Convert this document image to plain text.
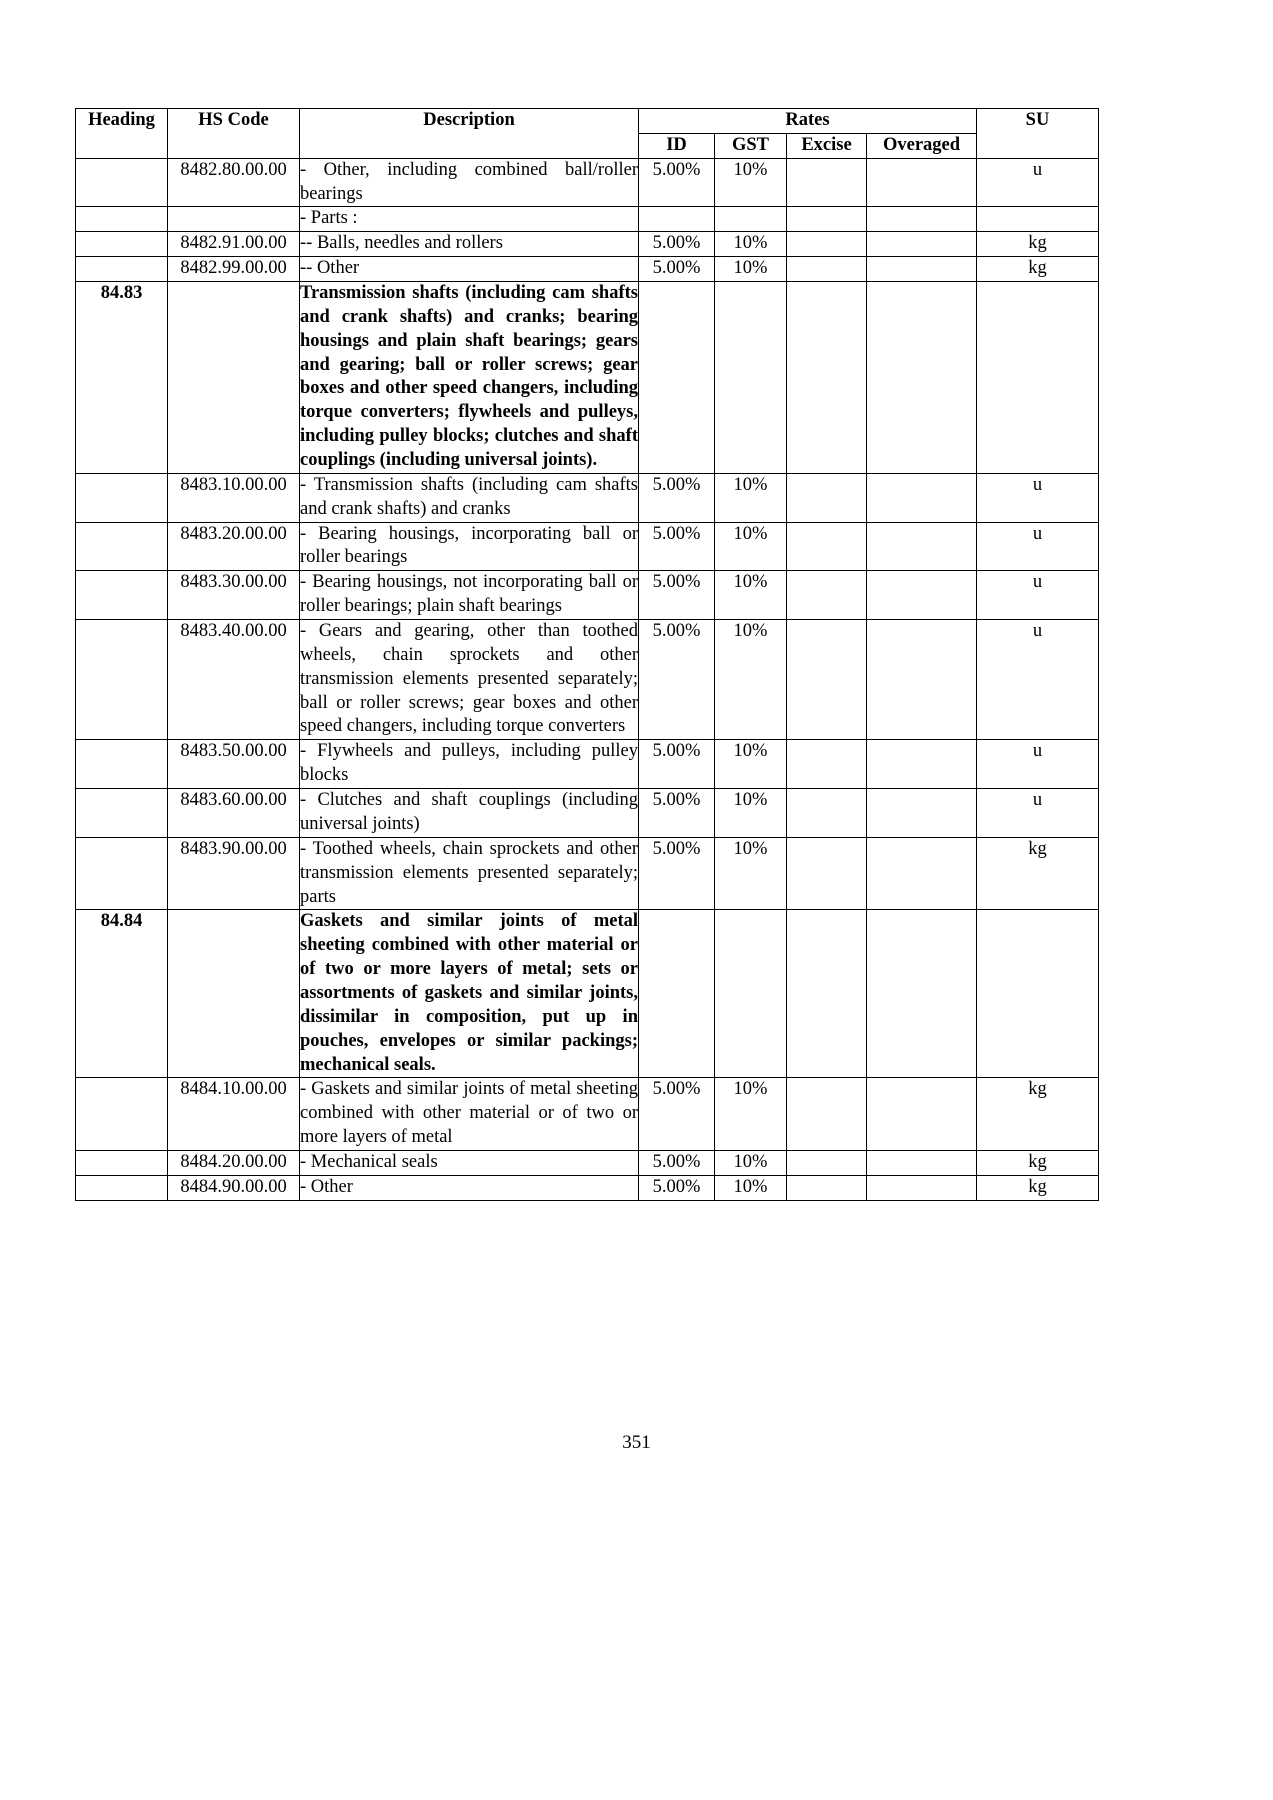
Heading	HS Code	Description	Rates				SU
			ID	GST	Excise	Overaged	
	8482.80.00.00	- Other, including combined ball/roller bearings	5.00%	10%			u
		- Parts :					
	8482.91.00.00	-- Balls, needles and rollers	5.00%	10%			kg
	8482.99.00.00	-- Other	5.00%	10%			kg
84.83		Transmission shafts (including cam shafts and crank shafts) and cranks; bearing housings and plain shaft bearings; gears and gearing; ball or roller screws; gear boxes and other speed changers, including torque converters; flywheels and pulleys, including pulley blocks; clutches and shaft couplings (including universal joints).					
	8483.10.00.00	- Transmission shafts (including cam shafts and crank shafts) and cranks	5.00%	10%			u
	8483.20.00.00	- Bearing housings, incorporating ball or roller bearings	5.00%	10%			u
	8483.30.00.00	- Bearing housings, not incorporating ball or roller bearings; plain shaft bearings	5.00%	10%			u
	8483.40.00.00	- Gears and gearing, other than toothed wheels, chain sprockets and other transmission elements presented separately; ball or roller screws; gear boxes and other speed changers, including torque converters	5.00%	10%			u
	8483.50.00.00	- Flywheels and pulleys, including pulley blocks	5.00%	10%			u
	8483.60.00.00	- Clutches and shaft couplings (including universal joints)	5.00%	10%			u
	8483.90.00.00	- Toothed wheels, chain sprockets and other transmission elements presented separately; parts	5.00%	10%			kg
84.84		Gaskets and similar joints of metal sheeting combined with other material or of two or more layers of metal; sets or assortments of gaskets and similar joints, dissimilar in composition, put up in pouches, envelopes or similar packings; mechanical seals.					
	8484.10.00.00	- Gaskets and similar joints of metal sheeting combined with other material or of two or more layers of metal	5.00%	10%			kg
	8484.20.00.00	- Mechanical seals	5.00%	10%			kg
	8484.90.00.00	- Other	5.00%	10%			kg
351
